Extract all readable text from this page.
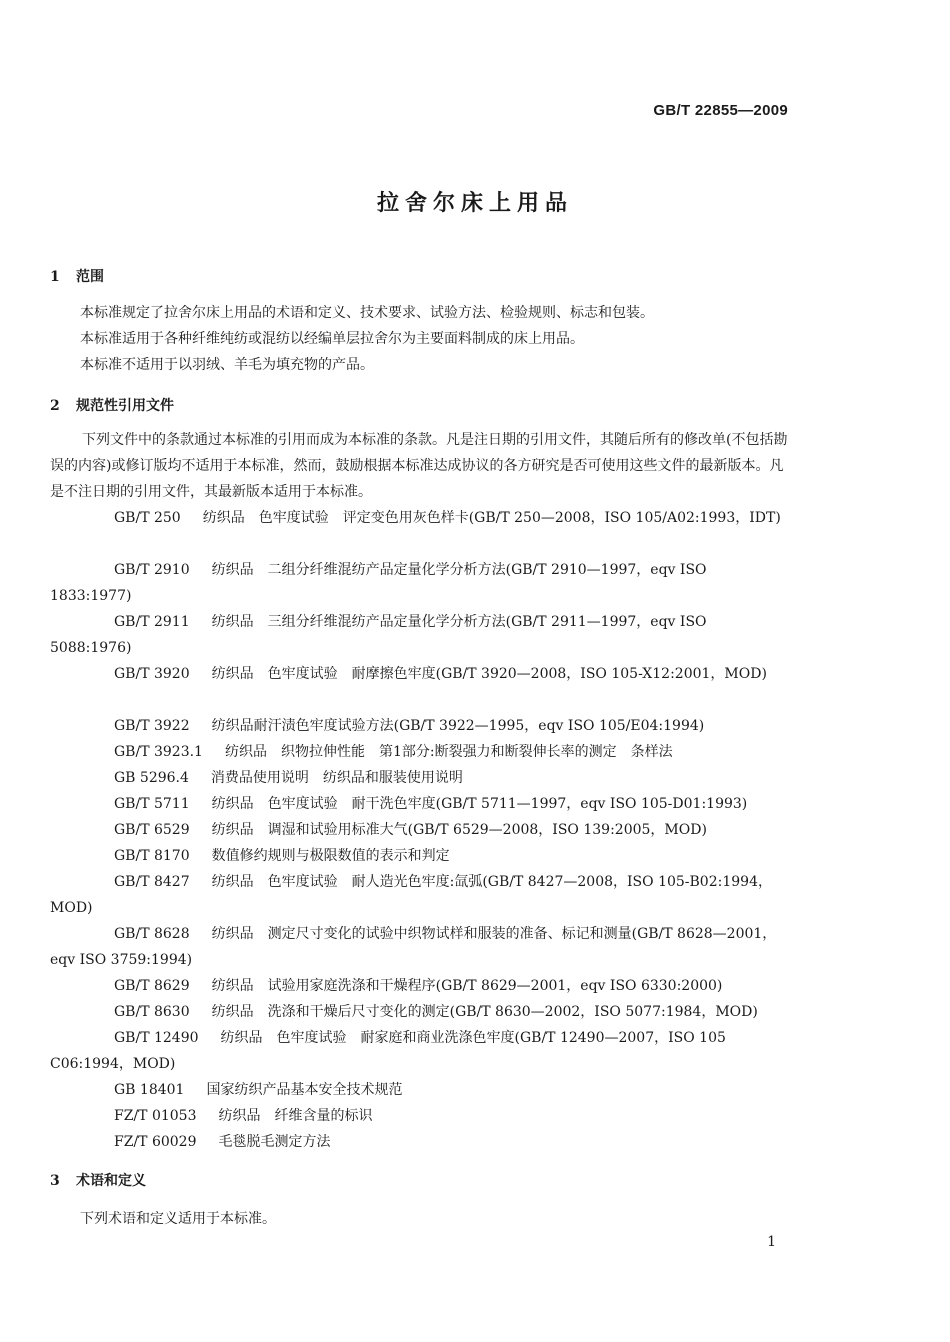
GB/T 22855—2009
拉舍尔床上用品
1 范围
本标准规定了拉舍尔床上用品的术语和定义、技术要求、试验方法、检验规则、标志和包装。
本标准适用于各种纤维纯纺或混纺以经编单层拉舍尔为主要面料制成的床上用品。
本标准不适用于以羽绒、羊毛为填充物的产品。
2 规范性引用文件
下列文件中的条款通过本标准的引用而成为本标准的条款。凡是注日期的引用文件，其随后所有的修改单(不包括勘误的内容)或修订版均不适用于本标准，然而，鼓励根据本标准达成协议的各方研究是否可使用这些文件的最新版本。凡是不注日期的引用文件，其最新版本适用于本标准。
GB/T 250 纺织品　色牢度试验　评定变色用灰色样卡(GB/T 250—2008，ISO 105/A02:1993，IDT)
GB/T 2910 纺织品　二组分纤维混纺产品定量化学分析方法(GB/T 2910—1997，eqv ISO 1833:1977)
GB/T 2911 纺织品　三组分纤维混纺产品定量化学分析方法(GB/T 2911—1997，eqv ISO 5088:1976)
GB/T 3920 纺织品　色牢度试验　耐摩擦色牢度(GB/T 3920—2008，ISO 105-X12:2001，MOD)
GB/T 3922 纺织品耐汗渍色牢度试验方法(GB/T 3922—1995，eqv ISO 105/E04:1994)
GB/T 3923.1 纺织品　织物拉伸性能　第1部分:断裂强力和断裂伸长率的测定　条样法
GB 5296.4 消费品使用说明　纺织品和服装使用说明
GB/T 5711 纺织品　色牢度试验　耐干洗色牢度(GB/T 5711—1997，eqv ISO 105-D01:1993)
GB/T 6529 纺织品　调湿和试验用标准大气(GB/T 6529—2008，ISO 139:2005，MOD)
GB/T 8170 数值修约规则与极限数值的表示和判定
GB/T 8427 纺织品　色牢度试验　耐人造光色牢度:氙弧(GB/T 8427—2008，ISO 105-B02:1994，MOD)
GB/T 8628 纺织品　测定尺寸变化的试验中织物试样和服装的准备、标记和测量(GB/T 8628—2001，eqv ISO 3759:1994)
GB/T 8629 纺织品　试验用家庭洗涤和干燥程序(GB/T 8629—2001，eqv ISO 6330:2000)
GB/T 8630 纺织品　洗涤和干燥后尺寸变化的测定(GB/T 8630—2002，ISO 5077:1984，MOD)
GB/T 12490 纺织品　色牢度试验　耐家庭和商业洗涤色牢度(GB/T 12490—2007，ISO 105 C06:1994，MOD)
GB 18401 国家纺织产品基本安全技术规范
FZ/T 01053 纺织品　纤维含量的标识
FZ/T 60029 毛毯脱毛测定方法
3 术语和定义
下列术语和定义适用于本标准。
1
